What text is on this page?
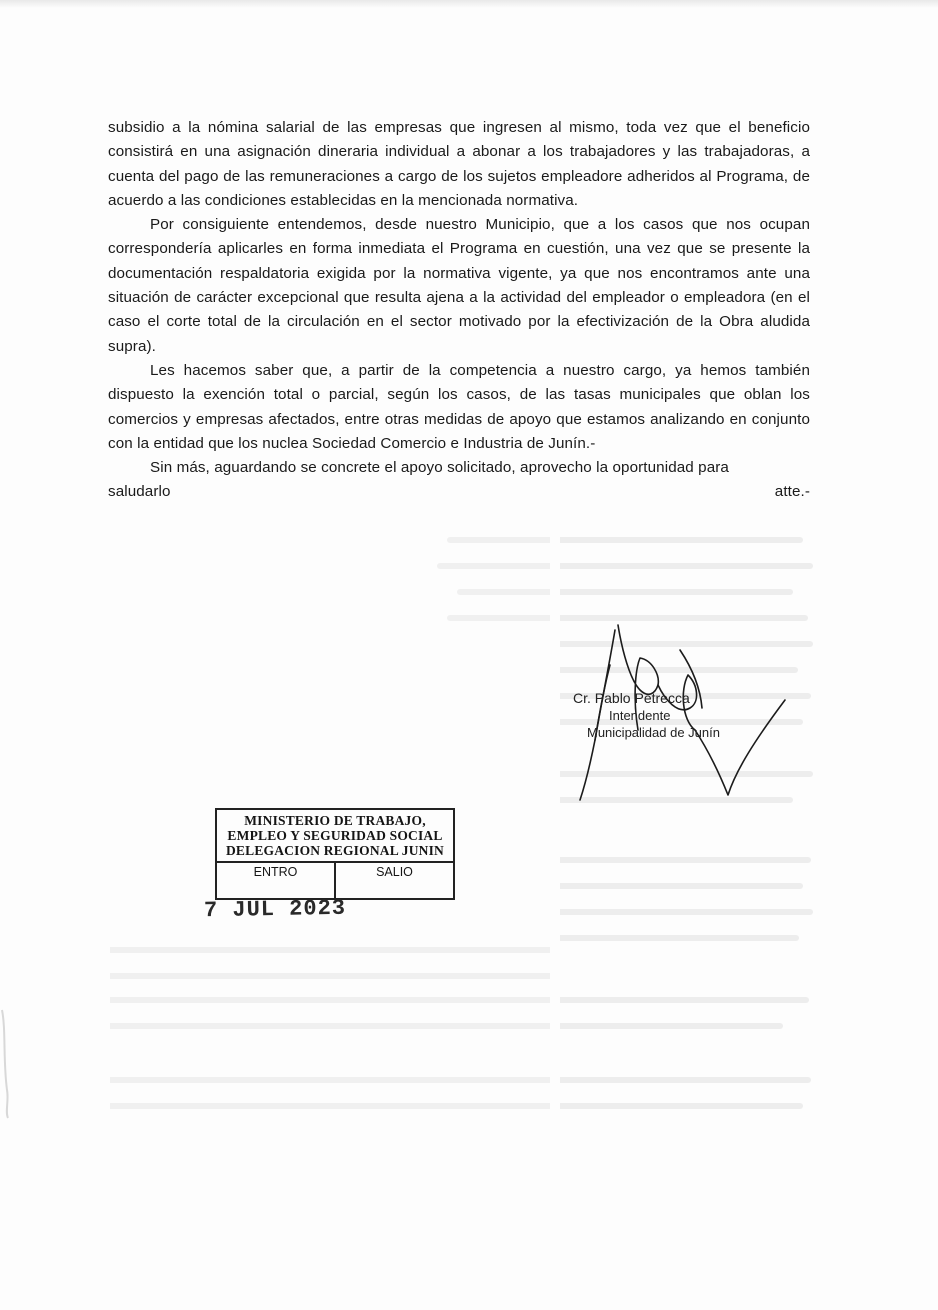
subsidio a la nómina salarial de las empresas que ingresen al mismo, toda vez que el beneficio consistirá en una asignación dineraria individual a abonar a los trabajadores y las trabajadoras, a cuenta del pago de las remuneraciones a cargo de los sujetos empleadore adheridos al Programa, de acuerdo a las condiciones establecidas en la mencionada normativa.

Por consiguiente entendemos, desde nuestro Municipio, que a los casos que nos ocupan correspondería aplicarles en forma inmediata el Programa en cuestión, una vez que se presente la documentación respaldatoria exigida por la normativa vigente, ya que nos encontramos ante una situación de carácter excepcional que resulta ajena a la actividad del empleador o empleadora (en el caso el corte total de la circulación en el sector motivado por la efectivización de la Obra aludida supra).

Les hacemos saber que, a partir de la competencia a nuestro cargo, ya hemos también dispuesto la exención total o parcial, según los casos, de las tasas municipales que oblan los comercios y empresas afectados, entre otras medidas de apoyo que estamos analizando en conjunto con la entidad que los nuclea Sociedad Comercio e Industria de Junín.-

Sin más, aguardando se concrete el apoyo solicitado, aprovecho la oportunidad para

saludarlo	atte.-
Cr. Pablo Petrecca
Intendente
Municipalidad de Junín
MINISTERIO DE TRABAJO,
EMPLEO Y SEGURIDAD SOCIAL
DELEGACION REGIONAL JUNIN
ENTRO	SALIO
7 JUL 2023
